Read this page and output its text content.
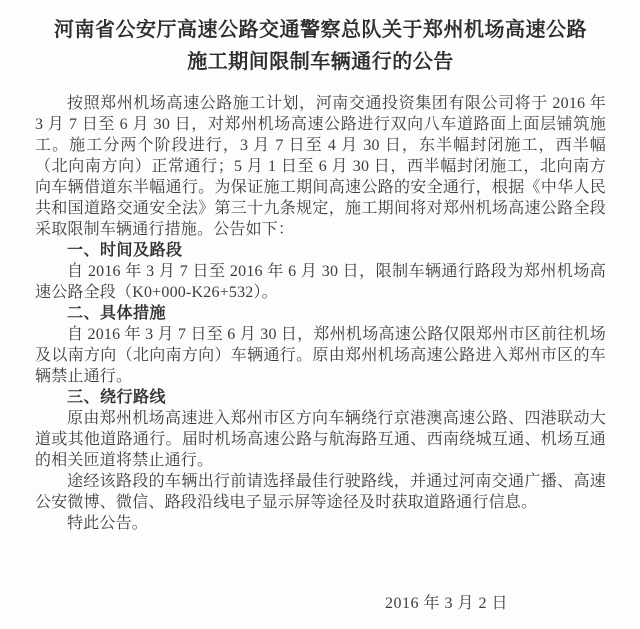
河南省公安厅高速公路交通警察总队关于郑州机场高速公路
施工期间限制车辆通行的公告

按照郑州机场高速公路施工计划，河南交通投资集团有限公司将于 2016 年 3 月 7 日至 6 月 30 日，对郑州机场高速公路进行双向八车道路面上面层铺筑施工。施工分两个阶段进行，3 月 7 日至 4 月 30 日，东半幅封闭施工，西半幅（北向南方向）正常通行；5 月 1 日至 6 月 30 日，西半幅封闭施工，北向南方向车辆借道东半幅通行。为保证施工期间高速公路的安全通行，根据《中华人民共和国道路交通安全法》第三十九条规定，施工期间将对郑州机场高速公路全段采取限制车辆通行措施。公告如下：

一、时间及路段

自 2016 年 3 月 7 日至 2016 年 6 月 30 日，限制车辆通行路段为郑州机场高速公路全段（K0+000-K26+532）。

二、具体措施

自 2016 年 3 月 7 日至 6 月 30 日，郑州机场高速公路仅限郑州市区前往机场及以南方向（北向南方向）车辆通行。原由郑州机场高速公路进入郑州市区的车辆禁止通行。

三、绕行路线

原由郑州机场高速进入郑州市区方向车辆绕行京港澳高速公路、四港联动大道或其他道路通行。届时机场高速公路与航海路互通、西南绕城互通、机场互通的相关匝道将禁止通行。

途经该路段的车辆出行前请选择最佳行驶路线，并通过河南交通广播、高速公安微博、微信、路段沿线电子显示屏等途径及时获取道路通行信息。

特此公告。

2016 年 3 月 2 日
